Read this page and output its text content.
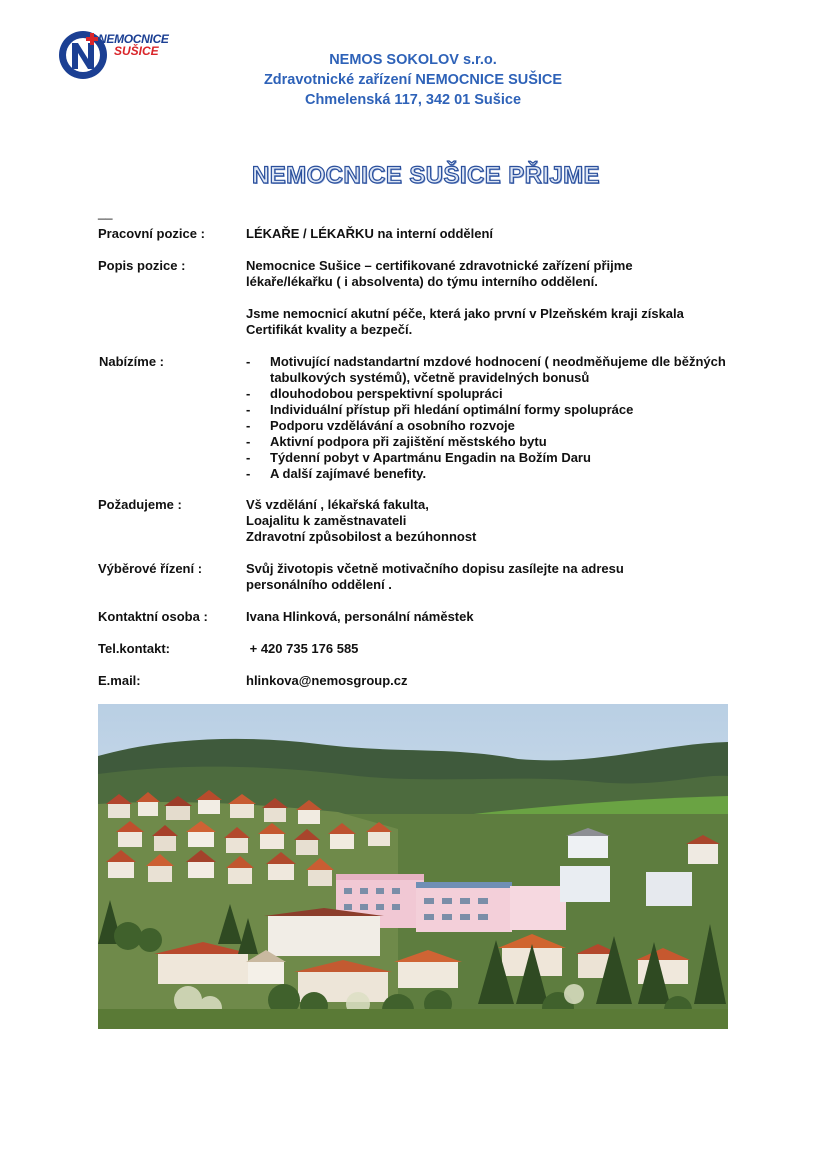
NEMOCNICE
SUŠICE
NEMOS SOKOLOV s.r.o.
Zdravotnické zařízení NEMOCNICE SUŠICE
Chmelenská 117, 342 01 Sušice
NEMOCNICE SUŠICE PŘIJME
__
Pracovní pozice :	LÉKAŘE / LÉKAŘKU na interní oddělení
Popis pozice :	Nemocnice Sušice – certifikované zdravotnické zařízení přijme

lékaře/lékařku ( i absolventa) do týmu interního oddělení.

Jsme nemocnicí akutní péče, která jako první v Plzeňském kraji získala

Certifikát kvality a bezpečí.

Nabízíme :
-	Motivující nadstandartní mzdové hodnocení ( neodměňujeme dle běžných tabulkových systémů), včetně pravidelných bonusů
- dlouhodobou perspektivní spolupráci
- Individuální přístup při hledání optimální formy spolupráce
- Podporu vzdělávání a osobního rozvoje
- Aktivní podpora při zajištění městského bytu
- Týdenní pobyt v Apartmánu Engadin na Božím Daru
- A další zajímavé benefity.
Požadujeme :	Vš vzdělání , lékařská fakulta,

Loajalitu k zaměstnavateli

Zdravotní způsobilost a bezúhonnost

Výběrové řízení :	Svůj životopis včetně motivačního dopisu zasílejte na adresu

personálního oddělení .

Kontaktní osoba :	Ivana Hlinková, personální náměstek
Tel.kontakt:	+ 420 735 176 585
E.mail:	hlinkova@nemosgroup.cz
